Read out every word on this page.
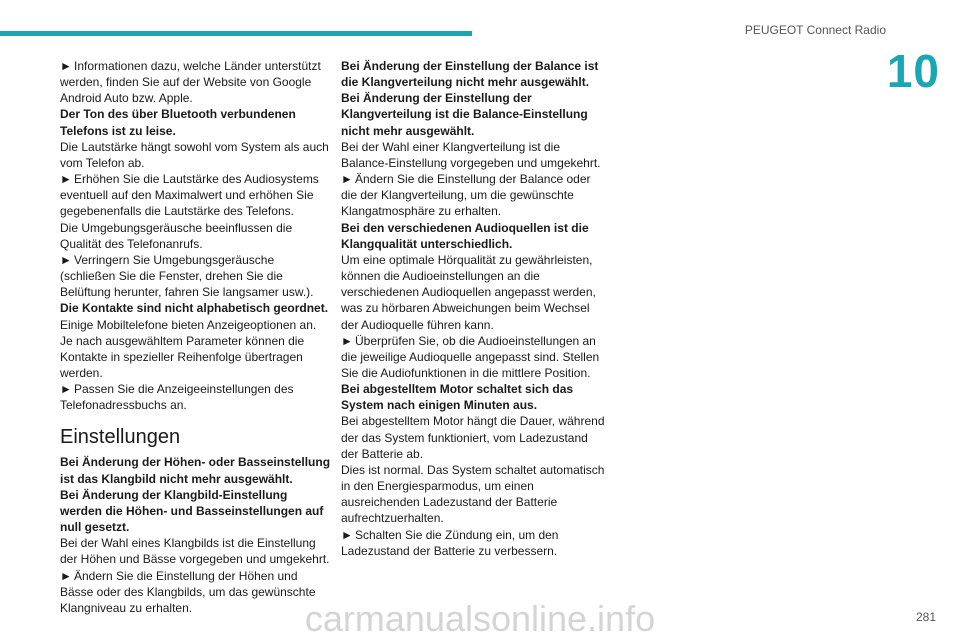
PEUGEOT Connect Radio
10

► Informationen dazu, welche Länder unterstützt werden, finden Sie auf der Website von Google Android Auto bzw. Apple.

Der Ton des über Bluetooth verbundenen Telefons ist zu leise.

Die Lautstärke hängt sowohl vom System als auch vom Telefon ab.

► Erhöhen Sie die Lautstärke des Audiosystems eventuell auf den Maximalwert und erhöhen Sie gegebenenfalls die Lautstärke des Telefons.

Die Umgebungsgeräusche beeinflussen die Qualität des Telefonanrufs.

► Verringern Sie Umgebungsgeräusche (schließen Sie die Fenster, drehen Sie die Belüftung herunter, fahren Sie langsamer usw.).

Die Kontakte sind nicht alphabetisch geordnet.

Einige Mobiltelefone bieten Anzeigeoptionen an. Je nach ausgewähltem Parameter können die Kontakte in spezieller Reihenfolge übertragen werden.

► Passen Sie die Anzeigeeinstellungen des Telefonadressbuchs an.

Einstellungen

Bei Änderung der Höhen- oder Basseinstellung ist das Klangbild nicht mehr ausgewählt.

Bei Änderung der Klangbild-Einstellung werden die Höhen- und Basseinstellungen auf null gesetzt.

Bei der Wahl eines Klangbilds ist die Einstellung der Höhen und Bässe vorgegeben und umgekehrt.

► Ändern Sie die Einstellung der Höhen und Bässe oder des Klangbilds, um das gewünschte Klangniveau zu erhalten.

Bei Änderung der Einstellung der Balance ist die Klangverteilung nicht mehr ausgewählt.

Bei Änderung der Einstellung der Klangverteilung ist die Balance-Einstellung nicht mehr ausgewählt.

Bei der Wahl einer Klangverteilung ist die Balance-Einstellung vorgegeben und umgekehrt.

► Ändern Sie die Einstellung der Balance oder die der Klangverteilung, um die gewünschte Klangatmosphäre zu erhalten.

Bei den verschiedenen Audioquellen ist die Klangqualität unterschiedlich.

Um eine optimale Hörqualität zu gewährleisten, können die Audioeinstellungen an die verschiedenen Audioquellen angepasst werden, was zu hörbaren Abweichungen beim Wechsel der Audioquelle führen kann.

► Überprüfen Sie, ob die Audioeinstellungen an die jeweilige Audioquelle angepasst sind. Stellen Sie die Audiofunktionen in die mittlere Position.

Bei abgestelltem Motor schaltet sich das System nach einigen Minuten aus.

Bei abgestelltem Motor hängt die Dauer, während der das System funktioniert, vom Ladezustand der Batterie ab.

Dies ist normal. Das System schaltet automatisch in den Energiesparmodus, um einen ausreichenden Ladezustand der Batterie aufrechtzuerhalten.

► Schalten Sie die Zündung ein, um den Ladezustand der Batterie zu verbessern.

281
carmanualsonline.info
